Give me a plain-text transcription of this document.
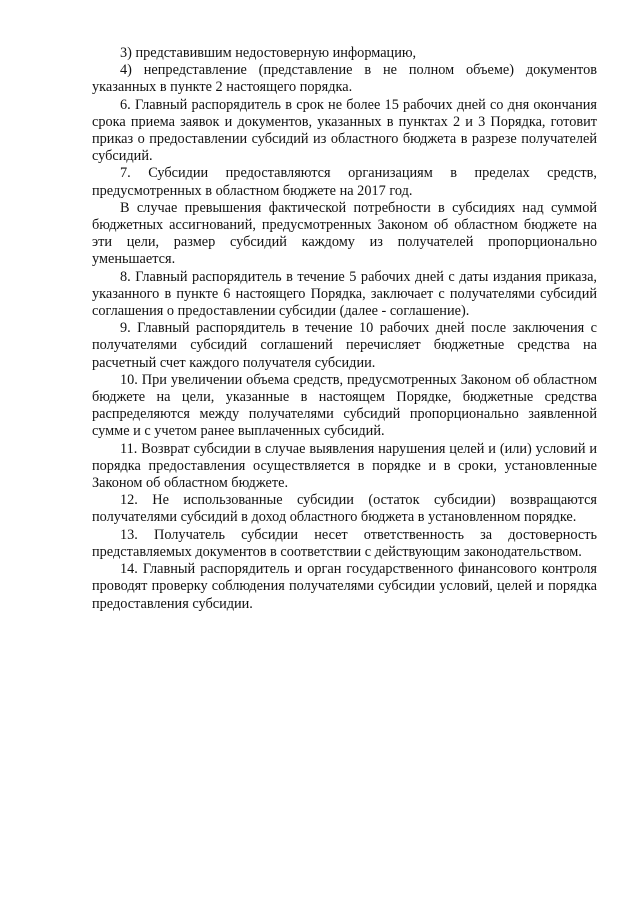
3) представившим недостоверную информацию,

4) непредставление (представление в не полном объеме) документов указанных в пункте 2 настоящего порядка.

6. Главный распорядитель в срок не более 15 рабочих дней со дня окончания срока приема заявок и документов, указанных в пунктах 2 и 3 Порядка, готовит приказ о предоставлении субсидий из областного бюджета в разрезе получателей субсидий.

7. Субсидии предоставляются организациям в пределах средств, предусмотренных в областном бюджете на 2017 год.

В случае превышения фактической потребности в субсидиях над суммой бюджетных ассигнований, предусмотренных Законом об областном бюджете на эти цели, размер субсидий каждому из получателей пропорционально уменьшается.

8. Главный распорядитель в течение 5 рабочих дней с даты издания приказа, указанного в пункте 6 настоящего Порядка, заключает с получателями субсидий соглашения о предоставлении субсидии (далее - соглашение).

9. Главный распорядитель в течение 10 рабочих дней после заключения с получателями субсидий соглашений перечисляет бюджетные средства на расчетный счет каждого получателя субсидии.

10. При увеличении объема средств, предусмотренных Законом об областном бюджете на цели, указанные в настоящем Порядке, бюджетные средства распределяются между получателями субсидий пропорционально заявленной сумме и с учетом ранее выплаченных субсидий.

11. Возврат субсидии в случае выявления нарушения целей и (или) условий и порядка предоставления осуществляется в порядке и в сроки, установленные Законом об областном бюджете.

12. Не использованные субсидии (остаток субсидии) возвращаются получателями субсидий в доход областного бюджета в установленном порядке.

13. Получатель субсидии несет ответственность за достоверность представляемых документов в соответствии с действующим законодательством.

14. Главный распорядитель и орган государственного финансового контроля проводят проверку соблюдения получателями субсидии условий, целей и порядка предоставления субсидии.
